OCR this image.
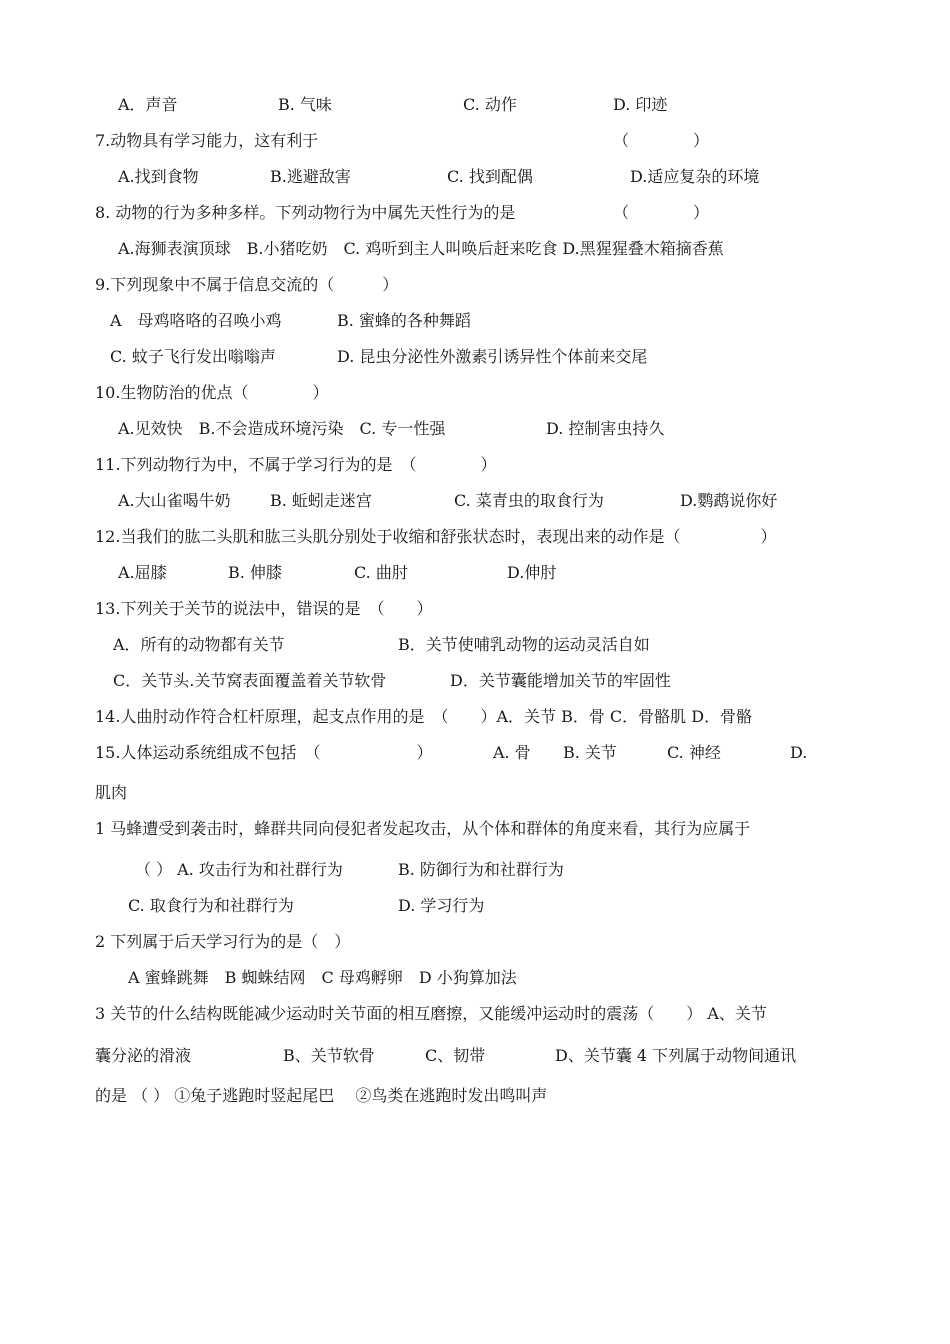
A．声音	B. 气味	C. 动作	D. 印迹
7.动物具有学习能力，这有利于	（　　　　）
A.找到食物	B.逃避敌害	C. 找到配偶	D.适应复杂的环境
8. 动物的行为多种多样。下列动物行为中属先天性行为的是	（　　　　）
A.海狮表演顶球　B.小猪吃奶　C. 鸡听到主人叫唤后赶来吃食 D.黑猩猩叠木箱摘香蕉
9.下列现象中不属于信息交流的（　　　）
A　母鸡咯咯的召唤小鸡	B. 蜜蜂的各种舞蹈
C. 蚊子飞行发出嗡嗡声	D. 昆虫分泌性外激素引诱异性个体前来交尾
10.生物防治的优点（　　　　）
A.见效快　B.不会造成环境污染　C. 专一性强	D. 控制害虫持久
11.下列动物行为中，不属于学习行为的是　（　　　　）
A.大山雀喝牛奶 B. 蚯蚓走迷宫	C. 菜青虫的取食行为	D.鹦鹉说你好
12.当我们的肱二头肌和肱三头肌分别处于收缩和舒张状态时，表现出来的动作是（　　　　　）
A.屈膝	B. 伸膝	C. 曲肘	D.伸肘
13.下列关于关节的说法中，错误的是　（　　）
A．所有的动物都有关节	B．关节使哺乳动物的运动灵活自如
C．关节头.关节窝表面覆盖着关节软骨	D．关节囊能增加关节的牢固性
14.人曲肘动作符合杠杆原理，起支点作用的是　（　　）A．关节 B．骨 C．骨骼肌 D．骨骼
15.人体运动系统组成不包括　（　　　　　　）	A. 骨 B. 关节	C. 神经	D.
肌肉
1 马蜂遭受到袭击时，蜂群共同向侵犯者发起攻击，从个体和群体的角度来看，其行为应属于
（ ） A. 攻击行为和社群行为	B. 防御行为和社群行为
C. 取食行为和社群行为	D. 学习行为
2 下列属于后天学习行为的是（　）
A 蜜蜂跳舞　B 蜘蛛结网　C 母鸡孵卵　D 小狗算加法
3 关节的什么结构既能减少运动时关节面的相互磨擦，又能缓冲运动时的震荡（　　） A、关节
囊分泌的滑液	B、关节软骨	C、韧带	D、关节囊 4 下列属于动物间通讯
的是 （ ） ①兔子逃跑时竖起尾巴　 ②鸟类在逃跑时发出鸣叫声
